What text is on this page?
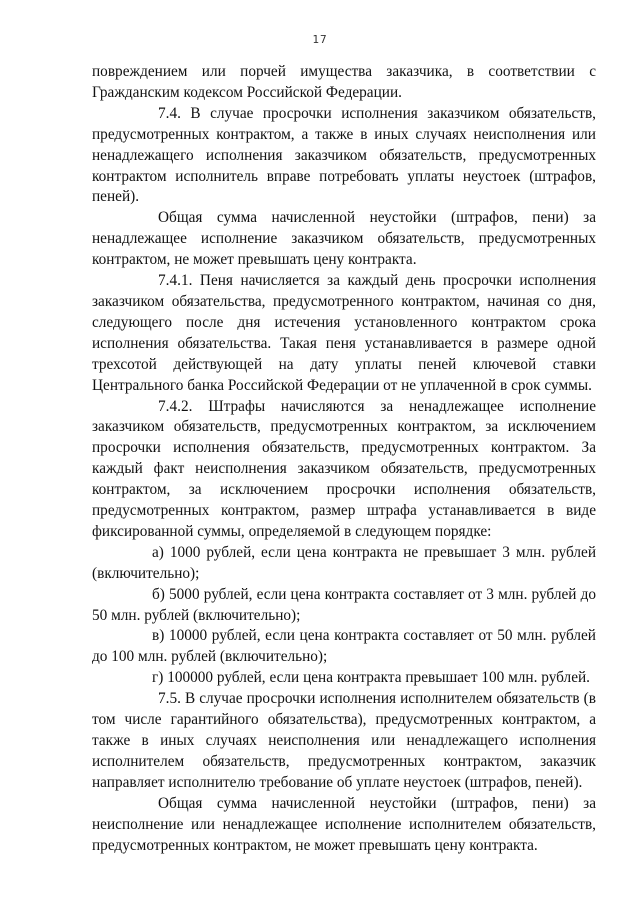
17

повреждением или порчей имущества заказчика, в соответствии с Гражданским кодексом Российской Федерации.

7.4. В случае просрочки исполнения заказчиком обязательств, предусмотренных контрактом, а также в иных случаях неисполнения или ненадлежащего исполнения заказчиком обязательств, предусмотренных контрактом исполнитель вправе потребовать уплаты неустоек (штрафов, пеней).

Общая сумма начисленной неустойки (штрафов, пени) за ненадлежащее исполнение заказчиком обязательств, предусмотренных контрактом, не может превышать цену контракта.

7.4.1. Пеня начисляется за каждый день просрочки исполнения заказчиком обязательства, предусмотренного контрактом, начиная со дня, следующего после дня истечения установленного контрактом срока исполнения обязательства. Такая пеня устанавливается в размере одной трехсотой действующей на дату уплаты пеней ключевой ставки Центрального банка Российской Федерации от не уплаченной в срок суммы.

7.4.2. Штрафы начисляются за ненадлежащее исполнение заказчиком обязательств, предусмотренных контрактом, за исключением просрочки исполнения обязательств, предусмотренных контрактом. За каждый факт неисполнения заказчиком обязательств, предусмотренных контрактом, за исключением просрочки исполнения обязательств, предусмотренных контрактом, размер штрафа устанавливается в виде фиксированной суммы, определяемой в следующем порядке:

а) 1000 рублей, если цена контракта не превышает 3 млн. рублей (включительно);

б) 5000 рублей, если цена контракта составляет от 3 млн. рублей до 50 млн. рублей (включительно);

в) 10000 рублей, если цена контракта составляет от 50 млн. рублей до 100 млн. рублей (включительно);

г) 100000 рублей, если цена контракта превышает 100 млн. рублей.

7.5. В случае просрочки исполнения исполнителем обязательств (в том числе гарантийного обязательства), предусмотренных контрактом, а также в иных случаях неисполнения или ненадлежащего исполнения исполнителем обязательств, предусмотренных контрактом, заказчик направляет исполнителю требование об уплате неустоек (штрафов, пеней).

Общая сумма начисленной неустойки (штрафов, пени) за неисполнение или ненадлежащее исполнение исполнителем обязательств, предусмотренных контрактом, не может превышать цену контракта.
